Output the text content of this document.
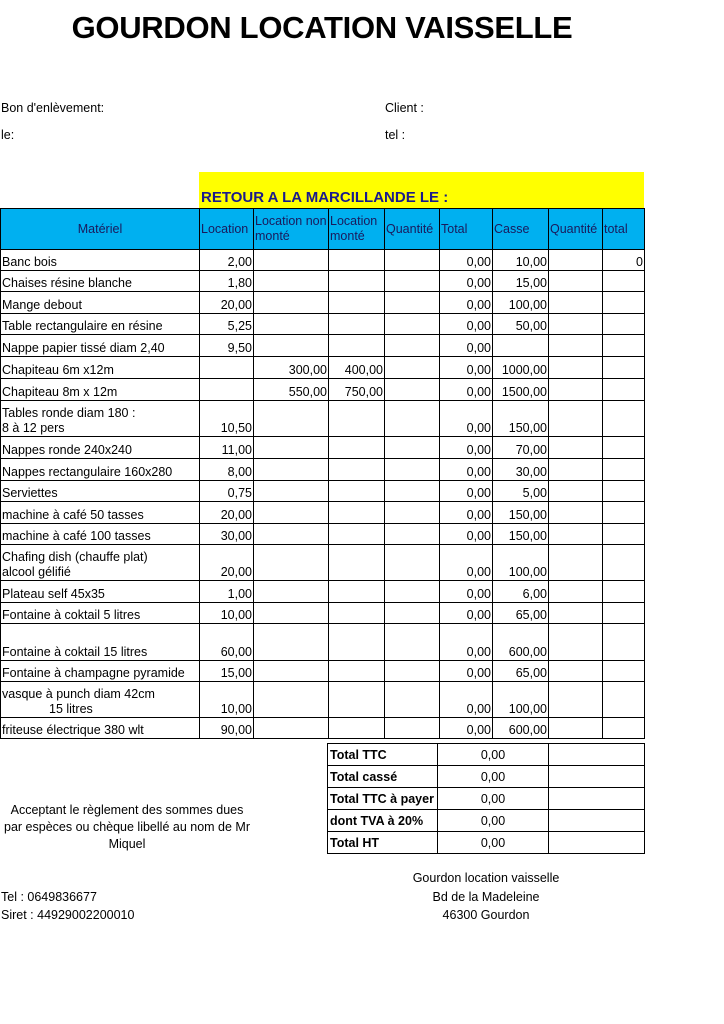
GOURDON LOCATION VAISSELLE
Bon d'enlèvement:
le:
Client :
tel :
RETOUR A LA MARCILLANDE LE :
Matériel	Location	Location non monté	Location monté	Quantité	Total	Casse	Quantité	total
Banc bois	2,00				0,00	10,00		0
Chaises résine blanche	1,80				0,00	15,00		
Mange debout	20,00				0,00	100,00		
Table rectangulaire en résine	5,25				0,00	50,00		
Nappe papier tissé diam 2,40	9,50				0,00			
Chapiteau 6m x12m		300,00	400,00		0,00	1000,00		
Chapiteau 8m x 12m		550,00	750,00		0,00	1500,00		

Tables ronde diam 180 :
8 à 12 pers	10,50				0,00	150,00		
Nappes ronde 240x240	11,00				0,00	70,00		
Nappes rectangulaire 160x280	8,00				0,00	30,00		
Serviettes	0,75				0,00	5,00		
machine à café 50 tasses	20,00				0,00	150,00		
machine à café 100 tasses	30,00				0,00	150,00		

Chafing dish (chauffe plat)
alcool gélifié	20,00				0,00	100,00		
Plateau self 45x35	1,00				0,00	6,00		
Fontaine à coktail 5 litres	10,00				0,00	65,00		
Fontaine à coktail 15 litres	60,00				0,00	600,00		
Fontaine à champagne pyramide	15,00				0,00	65,00		

vasque à punch diam 42cm
15 litres	10,00				0,00	100,00		
friteuse électrique 380 wlt	90,00				0,00	600,00		
Total TTC	0,00	
Total cassé	0,00	
Total TTC à payer	0,00	
dont TVA à 20%	0,00	
Total HT	0,00	
Acceptant le règlement des sommes dues par espèces ou chèque libellé au nom de Mr Miquel
Gourdon location vaisselle
Bd de la Madeleine
46300 Gourdon
Tel : 0649836677
Siret : 44929002200010
